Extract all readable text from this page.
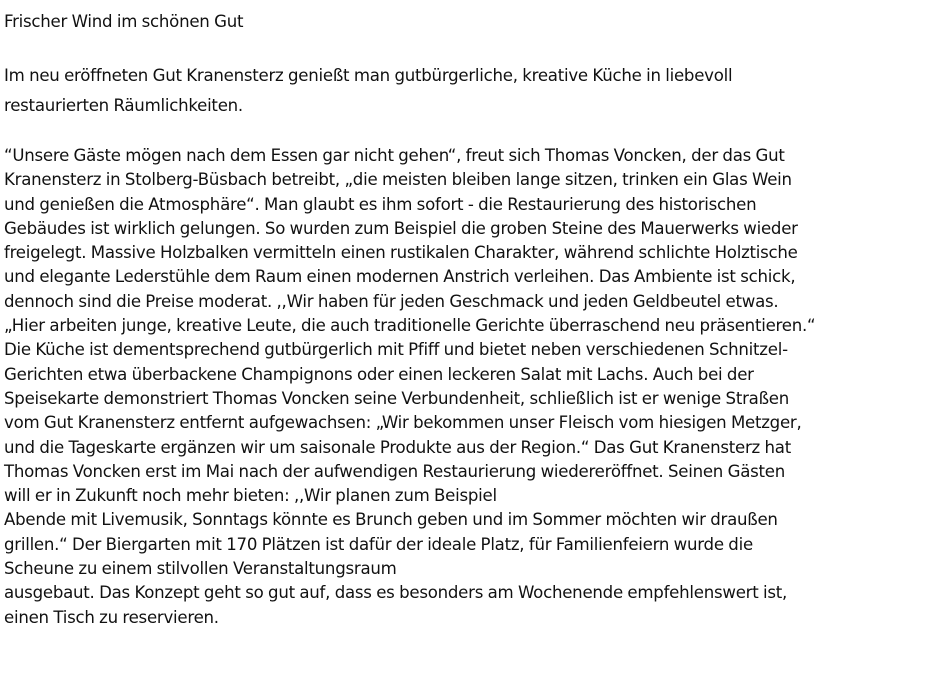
Frischer Wind im schönen Gut

Im neu eröffneten Gut Kranensterz genießt man gutbürgerliche, kreative Küche in liebevoll
restaurierten Räumlichkeiten.

“Unsere Gäste mögen nach dem Essen gar nicht gehen“, freut sich Thomas Voncken, der das Gut
Kranensterz in Stolberg-Büsbach betreibt, „die meisten bleiben lange sitzen, trinken ein Glas Wein
und genießen die Atmosphäre“. Man glaubt es ihm sofort - die Restaurierung des historischen
Gebäudes ist wirklich gelungen. So wurden zum Beispiel die groben Steine des Mauerwerks wieder
freigelegt. Massive Holzbalken vermitteln einen rustikalen Charakter, während schlichte Holztische
und elegante Lederstühle dem Raum einen modernen Anstrich verleihen. Das Ambiente ist schick,
dennoch sind die Preise moderat. ,,Wir haben für jeden Geschmack und jeden Geldbeutel etwas.
„Hier arbeiten junge, kreative Leute, die auch traditionelle Gerichte überraschend neu präsentieren.“
Die Küche ist dementsprechend gutbürgerlich mit Pfiff und bietet neben verschiedenen Schnitzel-
Gerichten etwa überbackene Champignons oder einen leckeren Salat mit Lachs. Auch bei der
Speisekarte demonstriert Thomas Voncken seine Verbundenheit, schließlich ist er wenige Straßen
vom Gut Kranensterz entfernt aufgewachsen: „Wir bekommen unser Fleisch vom hiesigen Metzger,
und die Tageskarte ergänzen wir um saisonale Produkte aus der Region.“ Das Gut Kranensterz hat
Thomas Voncken erst im Mai nach der aufwendigen Restaurierung wiedereröffnet. Seinen Gästen
will er in Zukunft noch mehr bieten: ,,Wir planen zum Beispiel
Abende mit Livemusik, Sonntags könnte es Brunch geben und im Sommer möchten wir draußen
grillen.“ Der Biergarten mit 170 Plätzen ist dafür der ideale Platz, für Familienfeiern wurde die
Scheune zu einem stilvollen Veranstaltungsraum
ausgebaut. Das Konzept geht so gut auf, dass es besonders am Wochenende empfehlenswert ist,
einen Tisch zu reservieren.
